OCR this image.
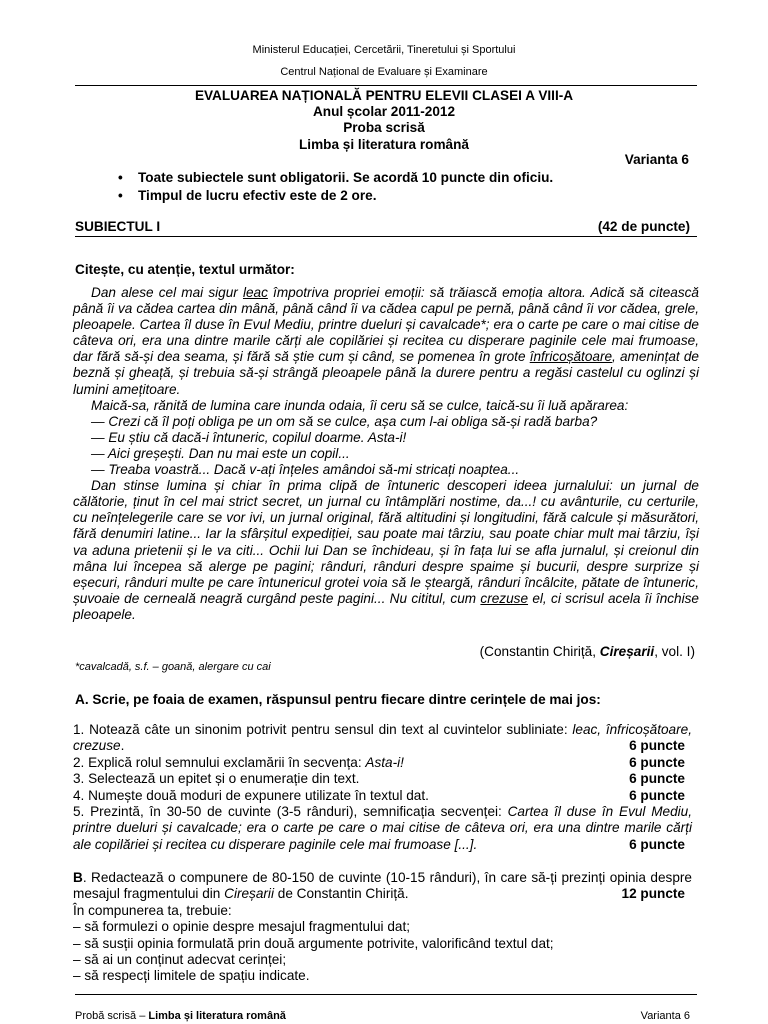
Ministerul Educației, Cercetării, Tineretului și Sportului
Centrul Național de Evaluare și Examinare
EVALUAREA NAȚIONALĂ PENTRU ELEVII CLASEI A VIII-A
Anul școlar 2011-2012
Proba scrisă
Limba și literatura română
Varianta 6
• Toate subiectele sunt obligatorii. Se acordă 10 puncte din oficiu.
• Timpul de lucru efectiv este de 2 ore.
SUBIECTUL I	(42 de puncte)
Citește, cu atenție, textul următor:

Dan alese cel mai sigur leac împotriva propriei emoții: să trăiască emoția altora. Adică să citească până îi va cădea cartea din mână, până când îi va cădea capul pe pernă, până când îi vor cădea, grele, pleoapele. Cartea îl duse în Evul Mediu, printre dueluri și cavalcade*; era o carte pe care o mai citise de câteva ori, era una dintre marile cărți ale copilăriei și recitea cu disperare paginile cele mai frumoase, dar fără să-și dea seama, și fără să știe cum și când, se pomenea în grote înfricoșătoare, amenințat de beznă și gheață, și trebuia să-și strângă pleoapele până la durere pentru a regăsi castelul cu oglinzi și lumini amețitoare.

Maică-sa, rănită de lumina care inunda odaia, îi ceru să se culce, taică-su îi luă apărarea:

— Crezi că îl poți obliga pe un om să se culce, așa cum l-ai obliga să-și radă barba?

— Eu știu că dacă-i întuneric, copilul doarme. Asta-i!

— Aici greșești. Dan nu mai este un copil...

— Treaba voastră... Dacă v-ați înțeles amândoi să-mi stricați noaptea...

Dan stinse lumina și chiar în prima clipă de întuneric descoperi ideea jurnalului: un jurnal de călătorie, ținut în cel mai strict secret, un jurnal cu întâmplări nostime, da...! cu avânturile, cu certurile, cu neînțelegerile care se vor ivi, un jurnal original, fără altitudini și longitudini, fără calcule și măsurători, fără denumiri latine... Iar la sfârșitul expediției, sau poate mai târziu, sau poate chiar mult mai târziu, își va aduna prietenii și le va citi... Ochii lui Dan se închideau, și în fața lui se afla jurnalul, și creionul din mâna lui începea să alerge pe pagini; rânduri, rânduri despre spaime și bucurii, despre surprize și eșecuri, rânduri multe pe care întunericul grotei voia să le șteargă, rânduri încâlcite, pătate de întuneric, șuvoaie de cerneală neagră curgând peste pagini... Nu cititul, cum crezuse el, ci scrisul acela îi închise pleoapele.

(Constantin Chiriță, Cireșarii, vol. I)
*cavalcadă, s.f. – goană, alergare cu cai
A. Scrie, pe foaia de examen, răspunsul pentru fiecare dintre cerințele de mai jos:

1. Notează câte un sinonim potrivit pentru sensul din text al cuvintelor subliniate: leac, înfricoșătoare, crezuse.	6 puncte

2. Explică rolul semnului exclamării în secvența: Asta-i!	6 puncte
3. Selectează un epitet și o enumerație din text.	6 puncte
4. Numește două moduri de expunere utilizate în textul dat.	6 puncte

5. Prezintă, în 30-50 de cuvinte (3-5 rânduri), semnificația secvenței: Cartea îl duse în Evul Mediu, printre dueluri și cavalcade; era o carte pe care o mai citise de câteva ori, era una dintre marile cărți ale copilăriei și recitea cu disperare paginile cele mai frumoase [...].	6 puncte

B. Redactează o compunere de 80-150 de cuvinte (10-15 rânduri), în care să-ți prezinți opinia despre mesajul fragmentului din Cireșarii de Constantin Chiriță.	12 puncte

În compunerea ta, trebuie:
– să formulezi o opinie despre mesajul fragmentului dat;
– să susții opinia formulată prin două argumente potrivite, valorificând textul dat;
– să ai un conținut adecvat cerinței;
– să respecți limitele de spațiu indicate.
Probă scrisă – Limba și literatura română	Varianta 6
